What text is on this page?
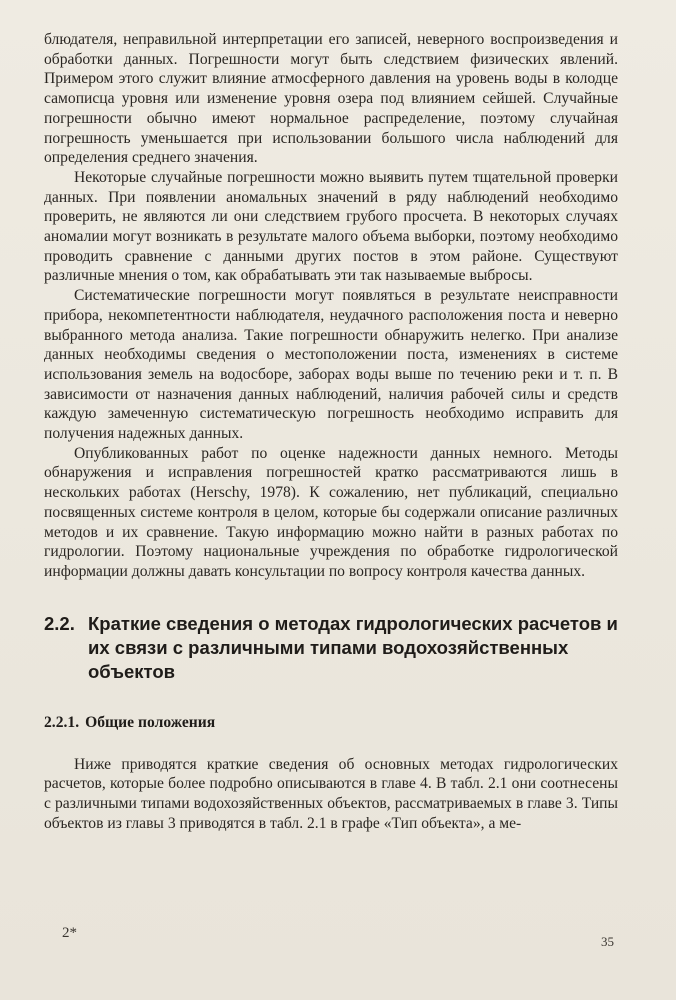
блюдателя, неправильной интерпретации его записей, неверного воспроизведения и обработки данных. Погрешности могут быть следствием физических явлений. Примером этого служит влияние атмосферного давления на уровень воды в колодце самописца уровня или изменение уровня озера под влиянием сейшей. Случайные погрешности обычно имеют нормальное распределение, поэтому случайная погрешность уменьшается при использовании большого числа наблюдений для определения среднего значения.

Некоторые случайные погрешности можно выявить путем тщательной проверки данных. При появлении аномальных значений в ряду наблюдений необходимо проверить, не являются ли они следствием грубого просчета. В некоторых случаях аномалии могут возникать в результате малого объема выборки, поэтому необходимо проводить сравнение с данными других постов в этом районе. Существуют различные мнения о том, как обрабатывать эти так называемые выбросы.

Систематические погрешности могут появляться в результате неисправности прибора, некомпетентности наблюдателя, неудачного расположения поста и неверно выбранного метода анализа. Такие погрешности обнаружить нелегко. При анализе данных необходимы сведения о местоположении поста, изменениях в системе использования земель на водосборе, заборах воды выше по течению реки и т. п. В зависимости от назначения данных наблюдений, наличия рабочей силы и средств каждую замеченную систематическую погрешность необходимо исправить для получения надежных данных.

Опубликованных работ по оценке надежности данных немного. Методы обнаружения и исправления погрешностей кратко рассматриваются лишь в нескольких работах (Herschy, 1978). К сожалению, нет публикаций, специально посвященных системе контроля в целом, которые бы содержали описание различных методов и их сравнение. Такую информацию можно найти в разных работах по гидрологии. Поэтому национальные учреждения по обработке гидрологической информации должны давать консультации по вопросу контроля качества данных.

2.2. Краткие сведения о методах гидрологических расчетов и их связи с различными типами водохозяйственных объектов
2.2.1. Общие положения

Ниже приводятся краткие сведения об основных методах гидрологических расчетов, которые более подробно описываются в главе 4. В табл. 2.1 они соотнесены с различными типами водохозяйственных объектов, рассматриваемых в главе 3. Типы объектов из главы 3 приводятся в табл. 2.1 в графе «Тип объекта», а ме-

2*
35
